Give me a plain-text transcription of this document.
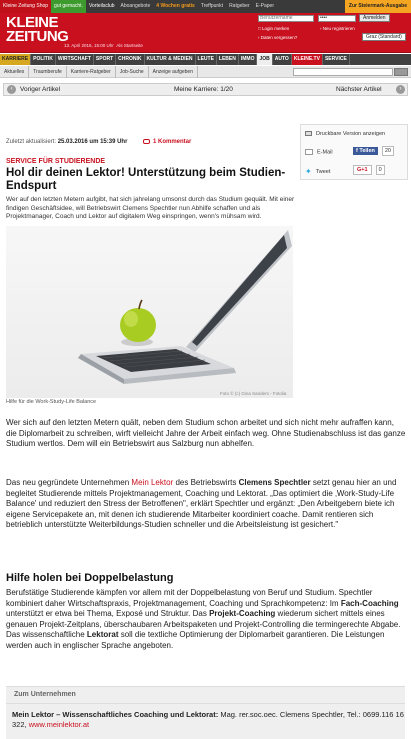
Kleine Zeitung Shop gut gemacht. Vorteilsclub Aboangebote 4 Wochen gratis Treffpunkt Ratgeber E-Paper	Zur Steiermark-Ausgabe
KLEINE
ZEITUNG
13. April 2016, 15:00 Uhr Als Startseite
Benutzername	••••	Anmelden
□ Login merken	› Neu registrieren
› Daten vergessen?	Graz (Standard)
KARRIERE POLITIK WIRTSCHAFT SPORT CHRONIK KULTUR & MEDIEN LEUTE LEBEN IMMO JOB AUTO KLEINE.TV SERVICE
Aktuelles Traumberufe Karriere-Ratgeber Job-Suche Anzeige aufgeben
‹	Voriger Artikel	Meine Karriere: 1/20	Nächster Artikel	›
Zuletzt aktualisiert: 25.03.2016 um 15:39 Uhr	1 Kommentar
Druckbare Version anzeigen
E-Mail	f Teilen 20
✦ Tweet	G+1 0
SERVICE FÜR STUDIERENDE
Hol dir deinen Lektor! Unterstützung beim Studien-Endspurt
Wer auf den letzten Metern aufgibt, hat sich jahrelang umsonst durch das Studium gequält. Mit einer findigen Geschäftsidee, will Betriebswirt Clemens Spechtler nun Abhilfe schaffen und als Projektmanager, Coach und Lektor auf digitalem Weg einspringen, wenn's mühsam wird.
Foto © (c) Gina Sanders - Fotolia
Hilfe für die Work-Study-Life Balance

Wer sich auf den letzten Metern quält, neben dem Studium schon arbeitet und sich nicht mehr aufraffen kann, die Diplomarbeit zu schreiben, wirft vielleicht Jahre der Arbeit einfach weg. Ohne Studienabschluss ist das ganze Studium wertlos. Dem will ein Betriebswirt aus Salzburg nun abhelfen.

Das neu gegründete Unternehmen Mein Lektor des Betriebswirts Clemens Spechtler setzt genau hier an und begleitet Studierende mittels Projektmanagement, Coaching und Lektorat. „Das optimiert die ‚Work-Study-Life Balance' und reduziert den Stress der Betroffenen", erklärt Spechtler und ergänzt: „Den Arbeitgebern biete ich eigene Servicepakete an, mit denen ich studierende Mitarbeiter koordiniert coache. Damit rentieren sich betrieblich unterstützte Weiterbildungs-Studien schneller und die Arbeitsleistung ist gesichert."

Hilfe holen bei Doppelbelastung

Berufstätige Studierende kämpfen vor allem mit der Doppelbelastung von Beruf und Studium. Spechtler kombiniert daher Wirtschaftspraxis, Projektmanagement, Coaching und Sprachkompetenz: Im Fach-Coaching unterstützt er etwa bei Thema, Exposé und Struktur. Das Projekt-Coaching wiederum sichert mittels eines genauen Projekt-Zeitplans, überschaubaren Arbeitspaketen und Projekt-Controlling die termingerechte Abgabe. Das wissenschaftliche Lektorat soll die textliche Optimierung der Diplomarbeit garantieren. Die Leistungen werden auch in englischer Sprache angeboten.

Zum Unternehmen
Mein Lektor – Wissenschaftliches Coaching und Lektorat: Mag. rer.soc.oec. Clemens Spechtler, Tel.: 0699.116 16 322, www.meinlektor.at
